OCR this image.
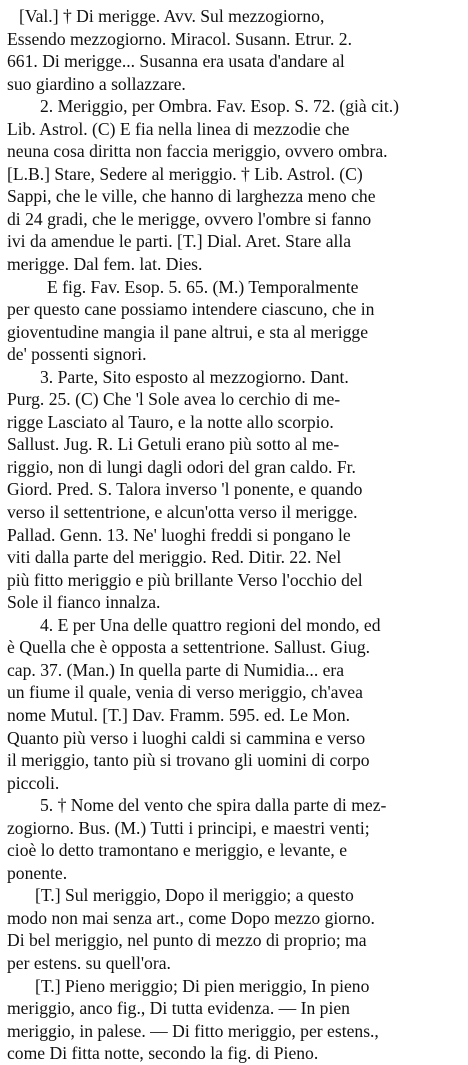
[Val.] † Di merigge. Avv. Sul mezzogiorno,
Essendo mezzogiorno. Miracol. Susann. Etrur. 2.
661. Di merigge... Susanna era usata d'andare al
suo giardino a sollazzare.
2. Meriggio, per Ombra. Fav. Esop. S. 72. (già cit.)
Lib. Astrol. (C) E fia nella linea di mezzodie che
neuna cosa diritta non faccia meriggio, ovvero ombra.
[L.B.] Stare, Sedere al meriggio. † Lib. Astrol. (C)
Sappi, che le ville, che hanno di larghezza meno che
di 24 gradi, che le merigge, ovvero l'ombre si fanno
ivi da amendue le parti. [T.] Dial. Aret. Stare alla
merigge. Dal fem. lat. Dies.
E fig. Fav. Esop. 5. 65. (M.) Temporalmente
per questo cane possiamo intendere ciascuno, che in
gioventudine mangia il pane altrui, e sta al merigge
de' possenti signori.
3. Parte, Sito esposto al mezzogiorno. Dant.
Purg. 25. (C) Che 'l Sole avea lo cerchio di me-
rigge Lasciato al Tauro, e la notte allo scorpio.
Sallust. Jug. R. Li Getuli erano più sotto al me-
riggio, non di lungi dagli odori del gran caldo. Fr.
Giord. Pred. S. Talora inverso 'l ponente, e quando
verso il settentrione, e alcun'otta verso il merigge.
Pallad. Genn. 13. Ne' luoghi freddi si pongano le
viti dalla parte del meriggio. Red. Ditir. 22. Nel
più fitto meriggio e più brillante Verso l'occhio del
Sole il fianco innalza.
4. E per Una delle quattro regioni del mondo, ed
è Quella che è opposta a settentrione. Sallust. Giug.
cap. 37. (Man.) In quella parte di Numidia... era
un fiume il quale, venia di verso meriggio, ch'avea
nome Mutul. [T.] Dav. Framm. 595. ed. Le Mon.
Quanto più verso i luoghi caldi si cammina e verso
il meriggio, tanto più si trovano gli uomini di corpo
piccoli.
5. † Nome del vento che spira dalla parte di mez-
zogiorno. Bus. (M.) Tutti i principi, e maestri venti;
cioè lo detto tramontano e meriggio, e levante, e
ponente.
[T.] Sul meriggio, Dopo il meriggio; a questo
modo non mai senza art., come Dopo mezzo giorno.
Di bel meriggio, nel punto di mezzo di proprio; ma
per estens. su quell'ora.
[T.] Pieno meriggio; Di pien meriggio, In pieno
meriggio, anco fig., Di tutta evidenza. — In pien
meriggio, in palese. — Di fitto meriggio, per estens.,
come Di fitta notte, secondo la fig. di Pieno.
